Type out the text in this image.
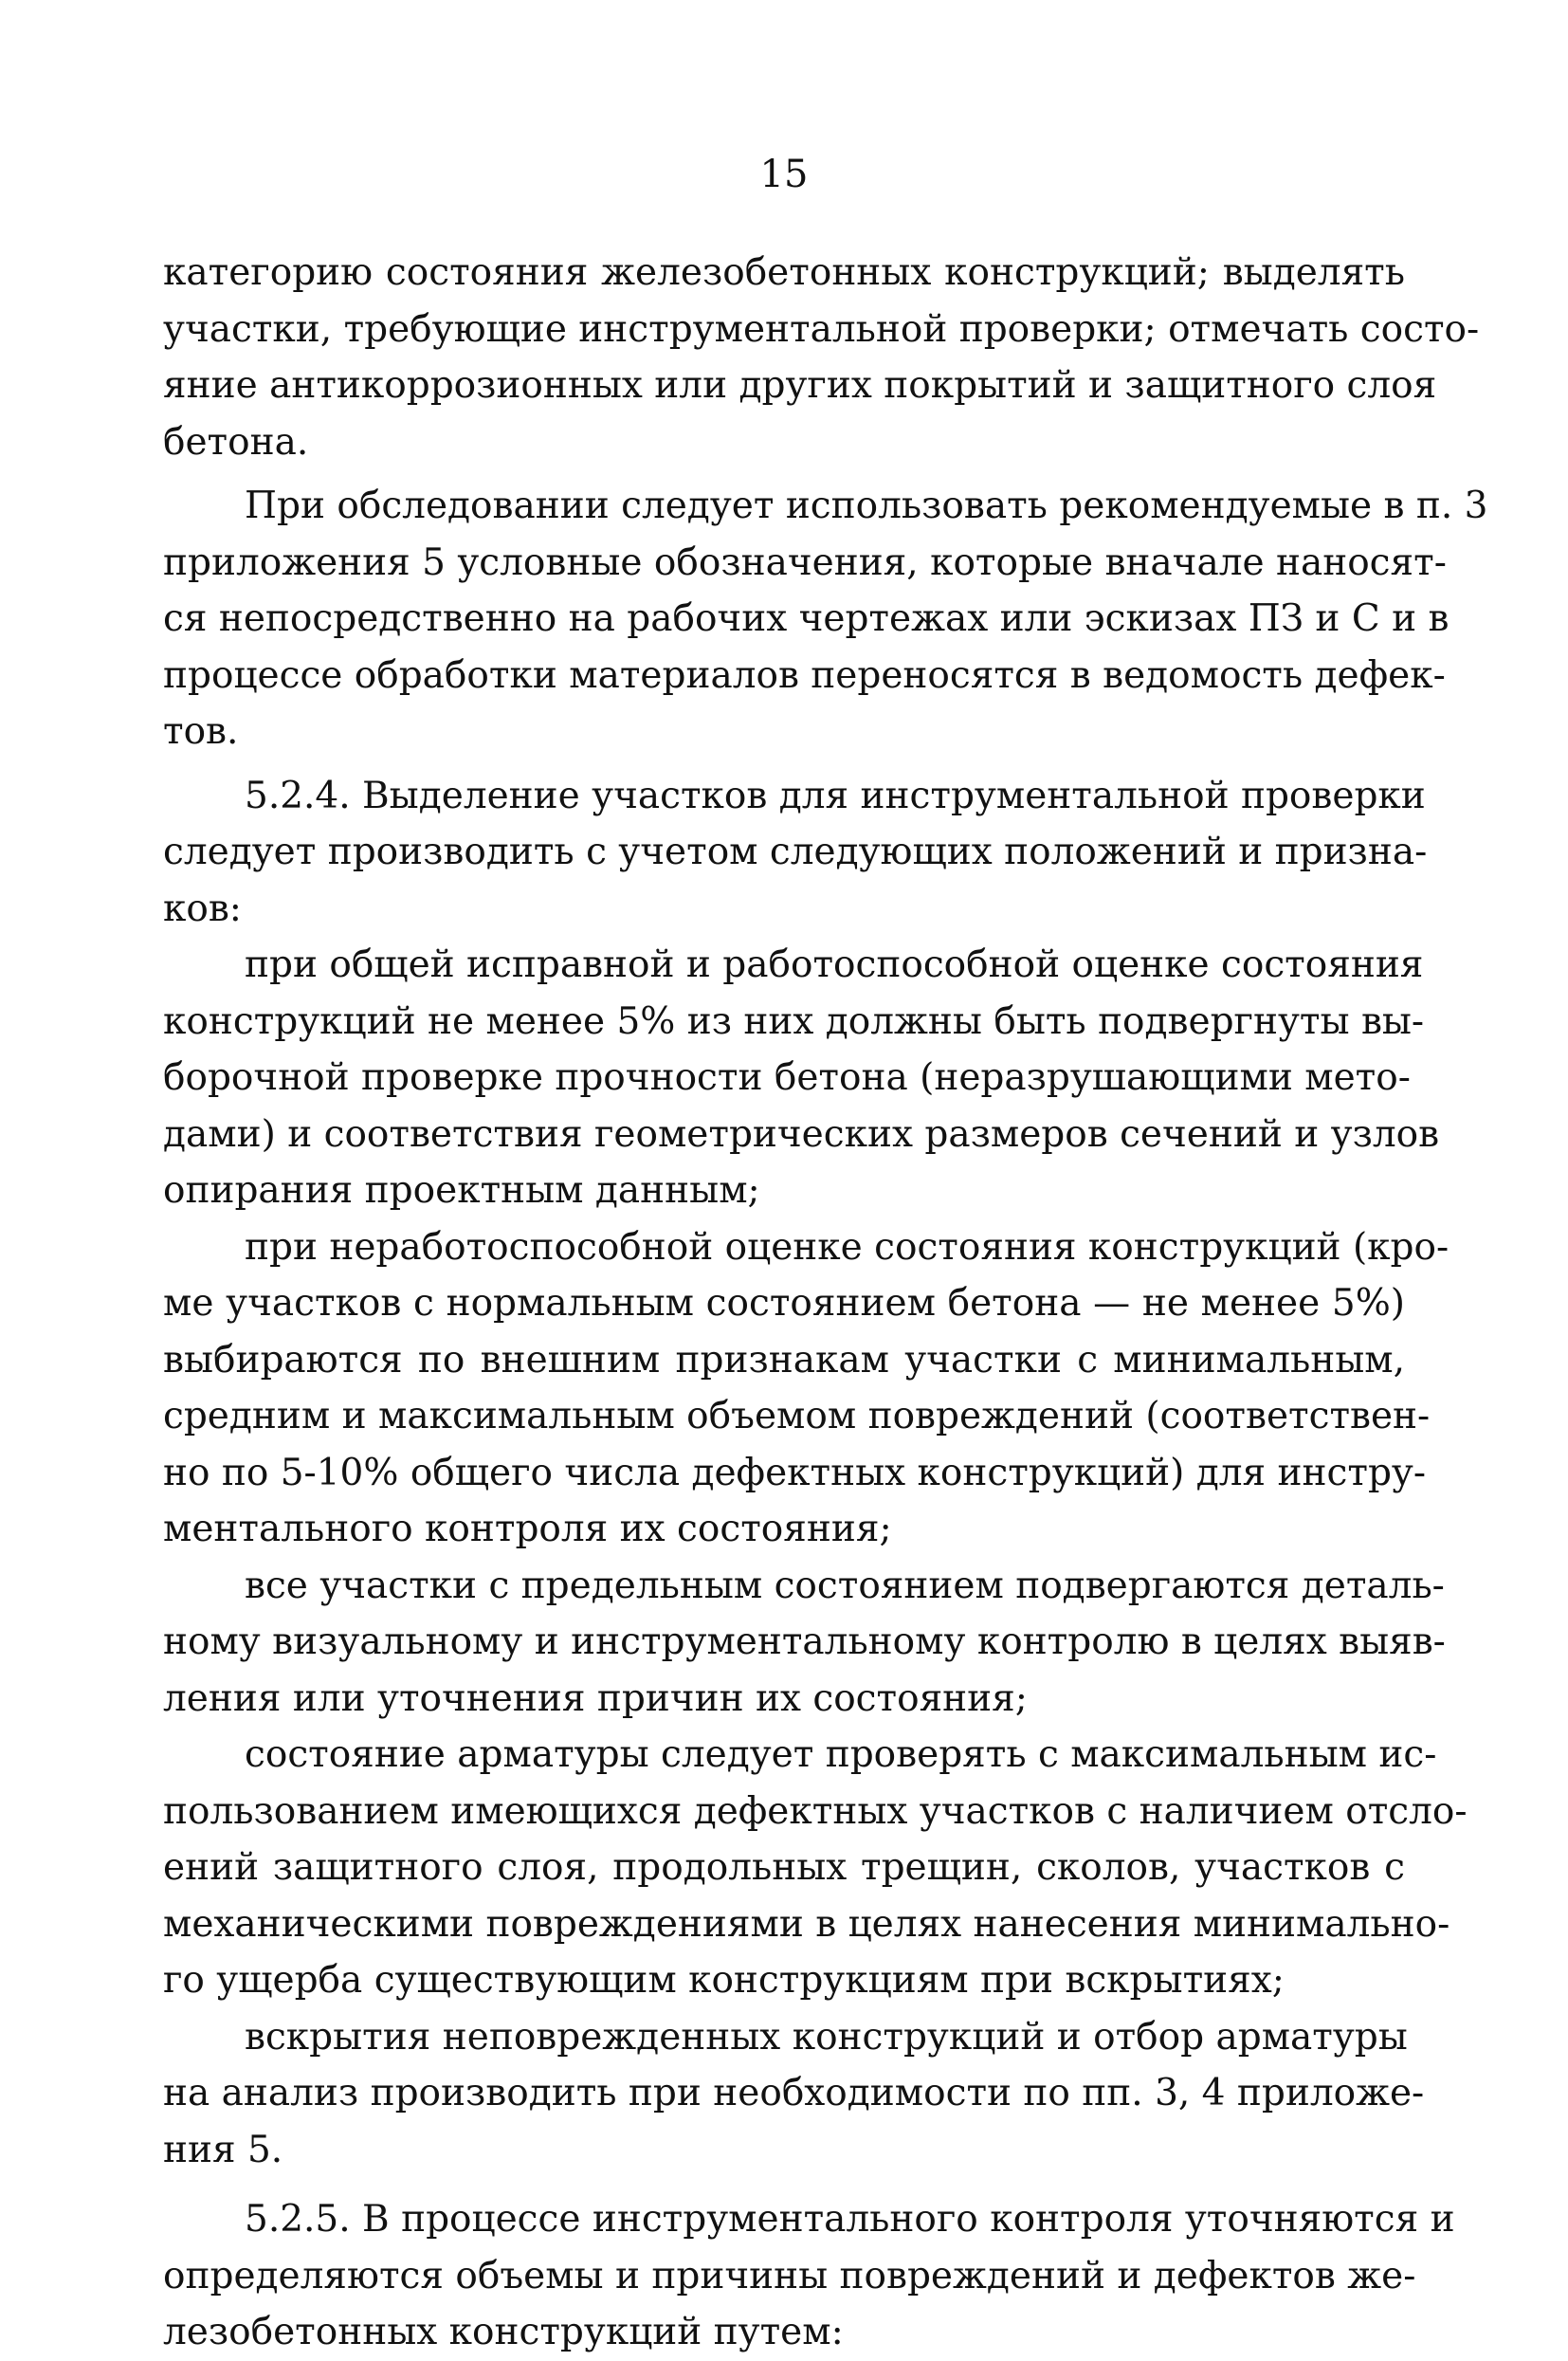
15
категорию состояния железобетонных конструкций; выделять
участки, требующие инструментальной проверки; отмечать состо-
яние антикоррозионных или других покрытий и защитного слоя
бетона.
При обследовании следует использовать рекомендуемые в п. 3
приложения 5 условные обозначения, которые вначале наносят-
ся непосредственно на рабочих чертежах или эскизах ПЗ и С и в
процессе обработки материалов переносятся в ведомость дефек-
тов.
5.2.4. Выделение участков для инструментальной проверки
следует производить с учетом следующих положений и призна-
ков:
при общей исправной и работоспособной оценке состояния
конструкций не менее 5% из них должны быть подвергнуты вы-
борочной проверке прочности бетона (неразрушающими мето-
дами) и соответствия геометрических размеров сечений и узлов
опирания проектным данным;
при неработоспособной оценке состояния конструкций (кро-
ме участков с нормальным состоянием бетона — не менее 5%)
выбираются по внешним признакам участки с минимальным,
средним и максимальным объемом повреждений (соответствен-
но по 5-10% общего числа дефектных конструкций) для инстру-
ментального контроля их состояния;
все участки с предельным состоянием подвергаются деталь-
ному визуальному и инструментальному контролю в целях выяв-
ления или уточнения причин их состояния;
состояние арматуры следует проверять с максимальным ис-
пользованием имеющихся дефектных участков с наличием отсло-
ений защитного слоя, продольных трещин, сколов, участков с
механическими повреждениями в целях нанесения минимально-
го ущерба существующим конструкциям при вскрытиях;
вскрытия неповрежденных конструкций и отбор арматуры
на анализ производить при необходимости по пп. 3, 4 приложе-
ния 5.
5.2.5. В процессе инструментального контроля уточняются и
определяются объемы и причины повреждений и дефектов же-
лезобетонных конструкций путем:
